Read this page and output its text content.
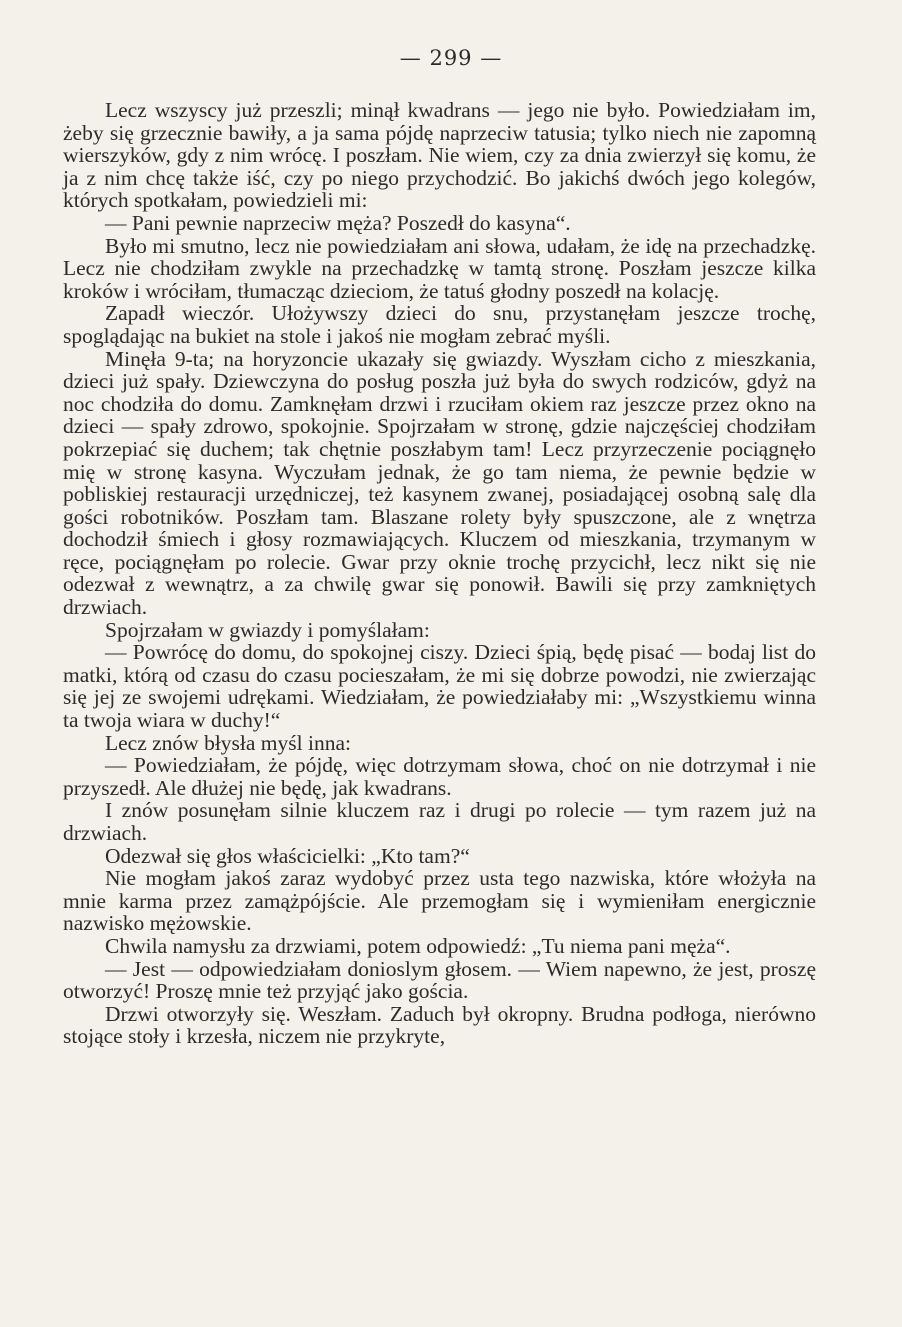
— 299 —

Lecz wszyscy już przeszli; minął kwadrans — jego nie było. Powiedziałam im, żeby się grzecznie bawiły, a ja sama pójdę naprzeciw tatusia; tylko niech nie zapomną wierszyków, gdy z nim wrócę. I poszłam. Nie wiem, czy za dnia zwierzył się komu, że ja z nim chcę także iść, czy po niego przychodzić. Bo jakichś dwóch jego kolegów, których spotkałam, powiedzieli mi:

— Pani pewnie naprzeciw męża? Poszedł do kasyna“.

Było mi smutno, lecz nie powiedziałam ani słowa, udałam, że idę na przechadzkę. Lecz nie chodziłam zwykle na przechadzkę w tamtą stronę. Poszłam jeszcze kilka kroków i wróciłam, tłumacząc dzieciom, że tatuś głodny poszedł na kolację.

Zapadł wieczór. Ułożywszy dzieci do snu, przystanęłam jeszcze trochę, spoglądając na bukiet na stole i jakoś nie mogłam zebrać myśli.

Minęła 9-ta; na horyzoncie ukazały się gwiazdy. Wyszłam cicho z mieszkania, dzieci już spały. Dziewczyna do posług poszła już była do swych rodziców, gdyż na noc chodziła do domu. Zamknęłam drzwi i rzuciłam okiem raz jeszcze przez okno na dzieci — spały zdrowo, spokojnie. Spojrzałam w stronę, gdzie najczęściej chodziłam pokrzepiać się duchem; tak chętnie poszłabym tam! Lecz przyrzeczenie pociągnęło mię w stronę kasyna. Wyczułam jednak, że go tam niema, że pewnie będzie w pobliskiej restauracji urzędniczej, też kasynem zwanej, posiadającej osobną salę dla gości robotników. Poszłam tam. Blaszane rolety były spuszczone, ale z wnętrza dochodził śmiech i głosy rozmawiających. Kluczem od mieszkania, trzymanym w ręce, pociągnęłam po rolecie. Gwar przy oknie trochę przycichł, lecz nikt się nie odezwał z wewnątrz, a za chwilę gwar się ponowił. Bawili się przy zamkniętych drzwiach.

Spojrzałam w gwiazdy i pomyślałam:

— Powrócę do domu, do spokojnej ciszy. Dzieci śpią, będę pisać — bodaj list do matki, którą od czasu do czasu pocieszałam, że mi się dobrze powodzi, nie zwierzając się jej ze swojemi udrękami. Wiedziałam, że powiedziałaby mi: „Wszystkiemu winna ta twoja wiara w duchy!“

Lecz znów błysła myśl inna:

— Powiedziałam, że pójdę, więc dotrzymam słowa, choć on nie dotrzymał i nie przyszedł. Ale dłużej nie będę, jak kwadrans.

I znów posunęłam silnie kluczem raz i drugi po rolecie — tym razem już na drzwiach.

Odezwał się głos właścicielki: „Kto tam?“

Nie mogłam jakoś zaraz wydobyć przez usta tego nazwiska, które włożyła na mnie karma przez zamążpójście. Ale przemogłam się i wymieniłam energicznie nazwisko mężowskie.

Chwila namysłu za drzwiami, potem odpowiedź: „Tu niema pani męża“.

— Jest — odpowiedziałam donioslym głosem. — Wiem napewno, że jest, proszę otworzyć! Proszę mnie też przyjąć jako gościa.

Drzwi otworzyły się. Weszłam. Zaduch był okropny. Brudna podłoga, nierówno stojące stoły i krzesła, niczem nie przykryte,
